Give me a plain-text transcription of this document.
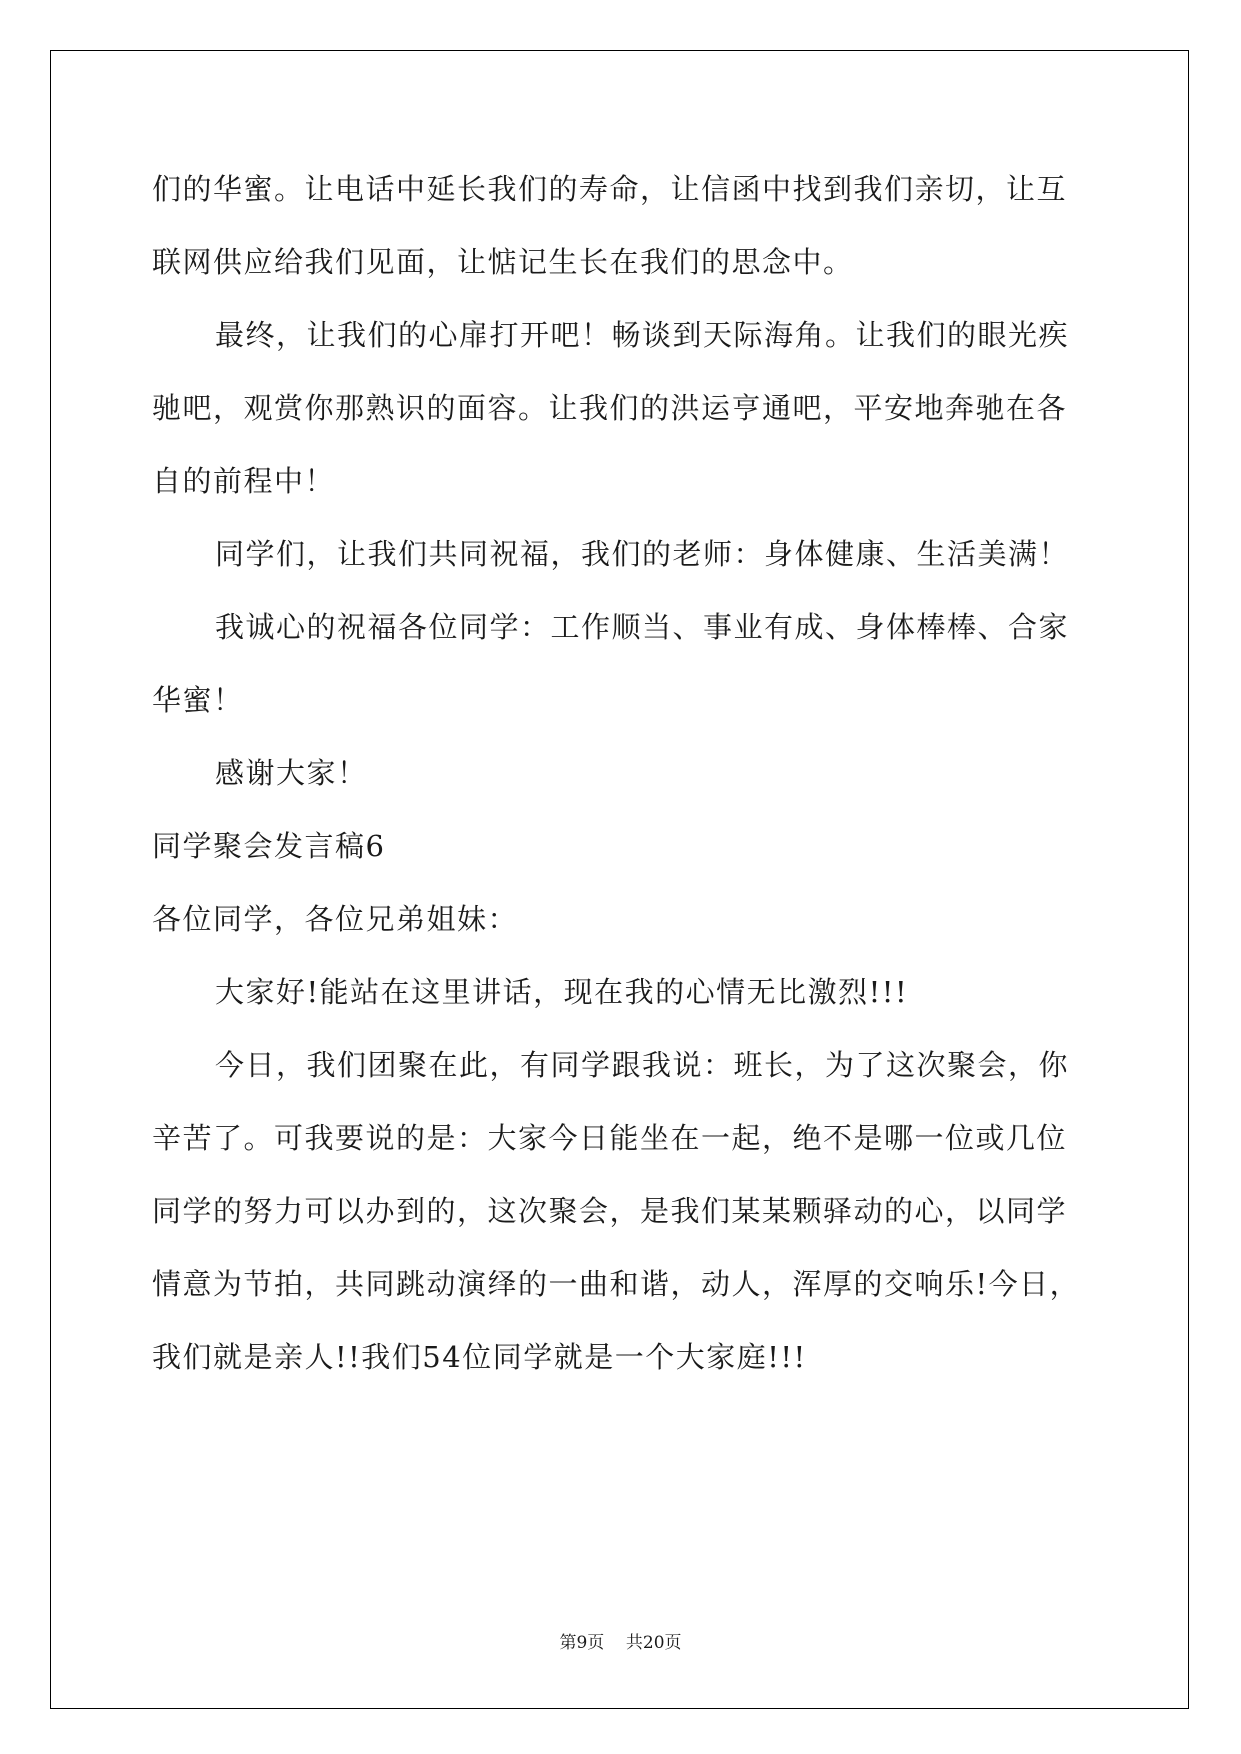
们的华蜜。让电话中延长我们的寿命，让信函中找到我们亲切，让互
联网供应给我们见面，让惦记生长在我们的思念中。
最终，让我们的心扉打开吧！畅谈到天际海角。让我们的眼光疾
驰吧，观赏你那熟识的面容。让我们的洪运亨通吧，平安地奔驰在各
自的前程中！
同学们，让我们共同祝福，我们的老师：身体健康、生活美满！
我诚心的祝福各位同学：工作顺当、事业有成、身体棒棒、合家
华蜜！
感谢大家！
同学聚会发言稿6
各位同学，各位兄弟姐妹：
大家好!能站在这里讲话，现在我的心情无比激烈!!!
今日，我们团聚在此，有同学跟我说：班长，为了这次聚会，你
辛苦了。可我要说的是：大家今日能坐在一起，绝不是哪一位或几位
同学的努力可以办到的，这次聚会，是我们某某颗驿动的心，以同学
情意为节拍，共同跳动演绎的一曲和谐，动人，浑厚的交响乐!今日，
我们就是亲人!!我们54位同学就是一个大家庭!!!
第9页    共20页
